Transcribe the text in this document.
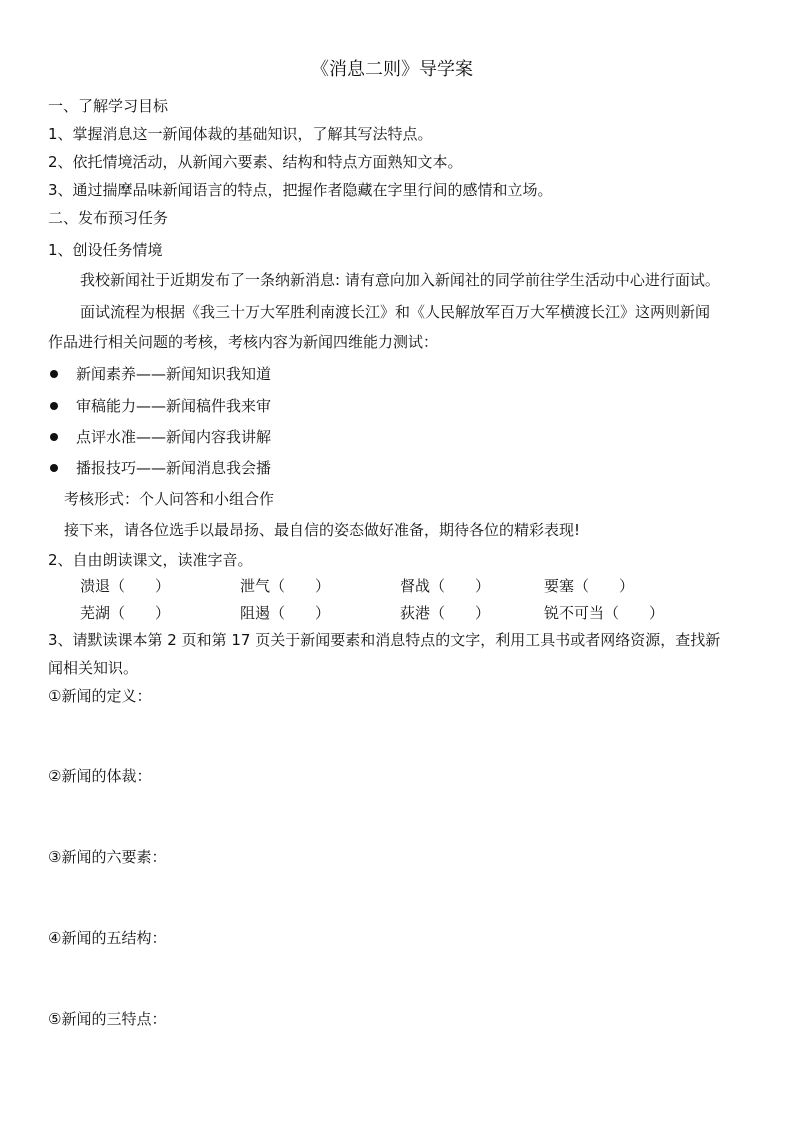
《消息二则》导学案
一、了解学习目标
1、掌握消息这一新闻体裁的基础知识，了解其写法特点。
2、依托情境活动，从新闻六要素、结构和特点方面熟知文本。
3、通过揣摩品味新闻语言的特点，把握作者隐藏在字里行间的感情和立场。
二、发布预习任务
1、创设任务情境
我校新闻社于近期发布了一条纳新消息: 请有意向加入新闻社的同学前往学生活动中心进行面试。
面试流程为根据《我三十万大军胜利南渡长江》和《人民解放军百万大军横渡长江》这两则新闻
作品进行相关问题的考核，考核内容为新闻四维能力测试：
新闻素养——新闻知识我知道
审稿能力——新闻稿件我来审
点评水准——新闻内容我讲解
播报技巧——新闻消息我会播
考核形式：个人问答和小组合作
接下来，请各位选手以最昂扬、最自信的姿态做好准备，期待各位的精彩表现!
2、自由朗读课文，读准字音。
溃退（　　）	泄气（　　）	督战（　　）	要塞（　　）
芜湖（　　）	阻遏（　　）	荻港（　　）	锐不可当（　　）
3、请默读课本第 2 页和第 17 页关于新闻要素和消息特点的文字，利用工具书或者网络资源，查找新
闻相关知识。
①新闻的定义：
②新闻的体裁：
③新闻的六要素：
④新闻的五结构：
⑤新闻的三特点：
